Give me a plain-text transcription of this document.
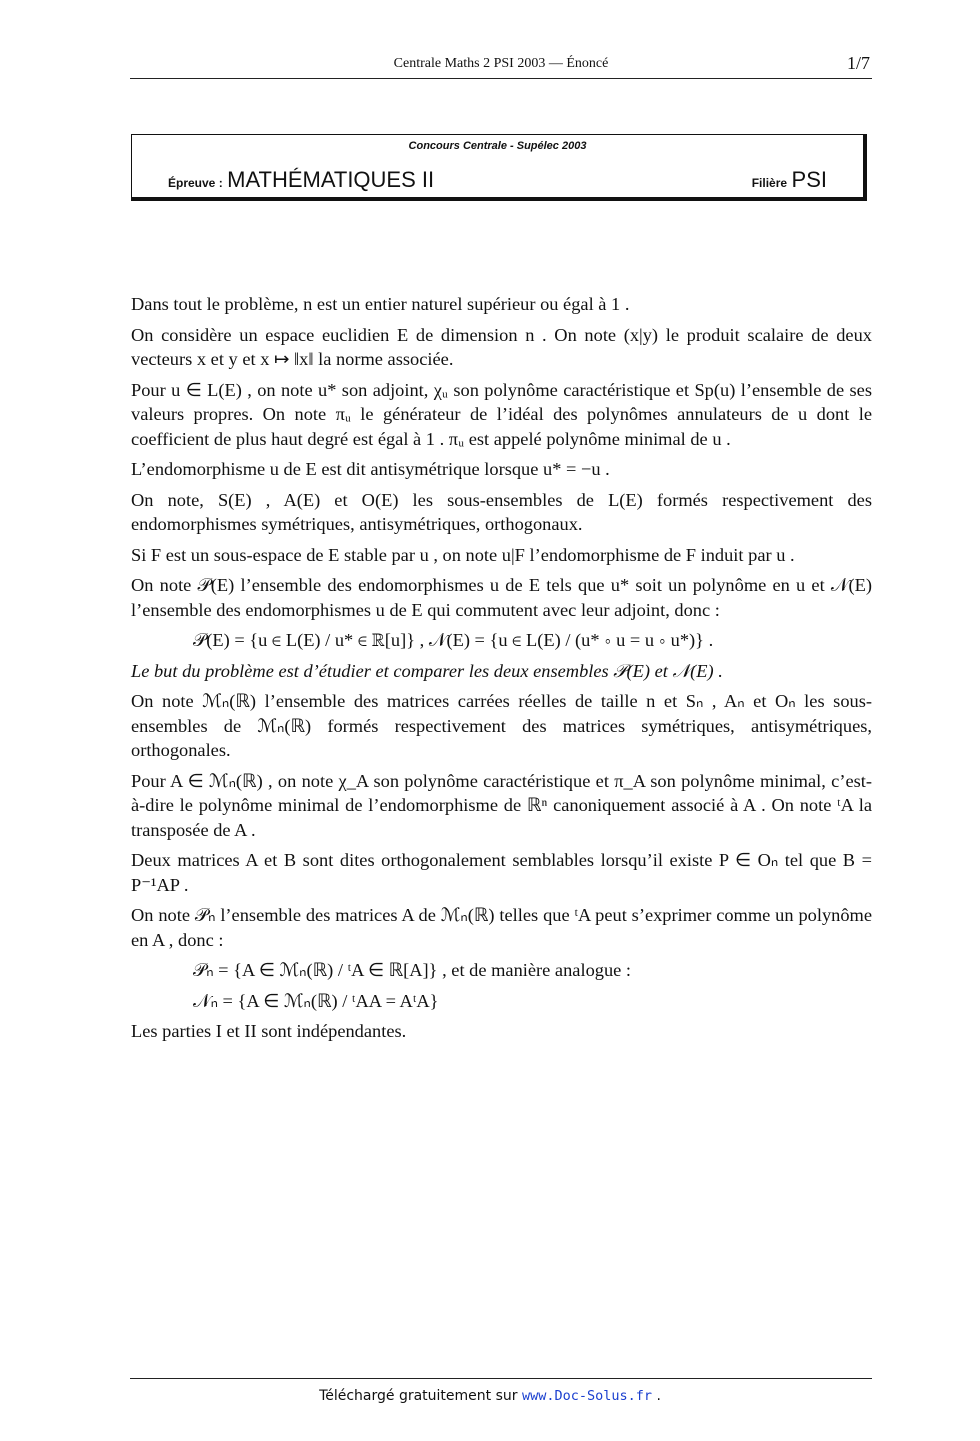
Centrale Maths 2 PSI 2003 — Énoncé	1/7
Concours Centrale - Supélec 2003
Épreuve : MATHÉMATIQUES II	Filière PSI

Dans tout le problème, n est un entier naturel supérieur ou égal à 1 .

On considère un espace euclidien E de dimension n . On note (x|y) le produit scalaire de deux vecteurs x et y et x ↦ ‖x‖ la norme associée.

Pour u ∈ L(E) , on note u* son adjoint, χᵤ son polynôme caractéristique et Sp(u) l’ensemble de ses valeurs propres. On note πᵤ le générateur de l’idéal des polynômes annulateurs de u dont le coefficient de plus haut degré est égal à 1 . πᵤ est appelé polynôme minimal de u .

L’endomorphisme u de E est dit antisymétrique lorsque u* = −u .

On note, S(E) , A(E) et O(E) les sous-ensembles de L(E) formés respectivement des endomorphismes symétriques, antisymétriques, orthogonaux.

Si F est un sous-espace de E stable par u , on note u|F l’endomorphisme de F induit par u .

On note 𝒫(E) l’ensemble des endomorphismes u de E tels que u* soit un polynôme en u et 𝒩(E) l’ensemble des endomorphismes u de E qui commutent avec leur adjoint, donc :

𝒫(E) = {u ∈ L(E) / u* ∈ ℝ[u]} , 𝒩(E) = {u ∈ L(E) / (u* ∘ u = u ∘ u*)} .

Le but du problème est d’étudier et comparer les deux ensembles 𝒫(E) et 𝒩(E) .

On note ℳₙ(ℝ) l’ensemble des matrices carrées réelles de taille n et Sₙ , Aₙ et Oₙ les sous-ensembles de ℳₙ(ℝ) formés respectivement des matrices symétriques, antisymétriques, orthogonales.

Pour A ∈ ℳₙ(ℝ) , on note χ_A son polynôme caractéristique et π_A son polynôme minimal, c’est-à-dire le polynôme minimal de l’endomorphisme de ℝⁿ canoniquement associé à A . On note ᵗA la transposée de A .

Deux matrices A et B sont dites orthogonalement semblables lorsqu’il existe P ∈ Oₙ tel que B = P⁻¹AP .

On note 𝒫ₙ l’ensemble des matrices A de ℳₙ(ℝ) telles que ᵗA peut s’exprimer comme un polynôme en A , donc :

𝒫ₙ = {A ∈ ℳₙ(ℝ) / ᵗA ∈ ℝ[A]} , et de manière analogue :

𝒩ₙ = {A ∈ ℳₙ(ℝ) / ᵗAA = AᵗA}

Les parties I et II sont indépendantes.

Téléchargé gratuitement sur www.Doc-Solus.fr .
